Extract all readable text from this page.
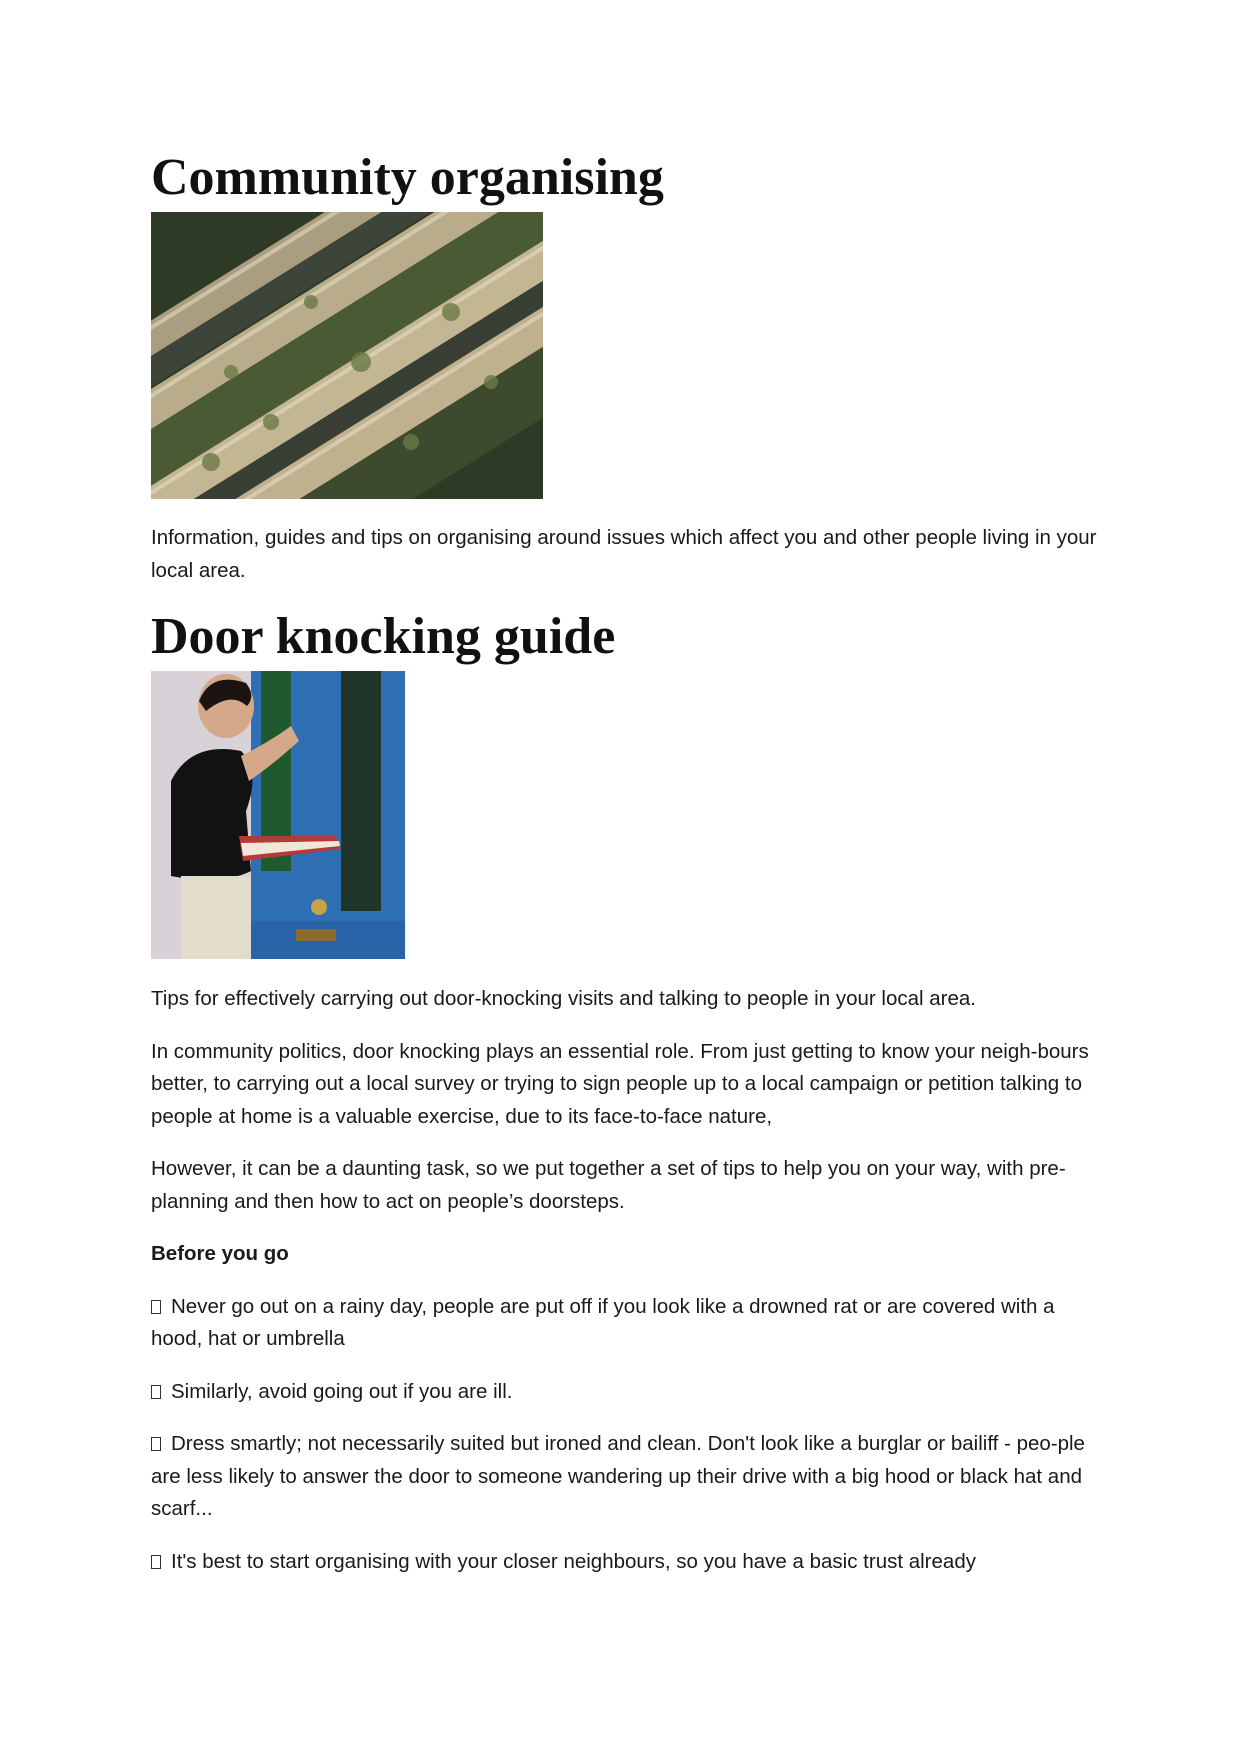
Community organising

Information, guides and tips on organising around issues which affect you and other people living in your local area.

Door knocking guide

Tips for effectively carrying out door-knocking visits and talking to people in your local area.

In community politics, door knocking plays an essential role. From just getting to know your neigh-bours better, to carrying out a local survey or trying to sign people up to a local campaign or petition talking to people at home is a valuable exercise, due to its face-to-face nature,

However, it can be a daunting task, so we put together a set of tips to help you on your way, with pre-planning and then how to act on people’s doorsteps.

Before you go

Never go out on a rainy day, people are put off if you look like a drowned rat or are covered with a hood, hat or umbrella

Similarly, avoid going out if you are ill.

Dress smartly; not necessarily suited but ironed and clean. Don't look like a burglar or bailiff - peo-ple are less likely to answer the door to someone wandering up their drive with a big hood or black hat and scarf...

It's best to start organising with your closer neighbours, so you have a basic trust already
